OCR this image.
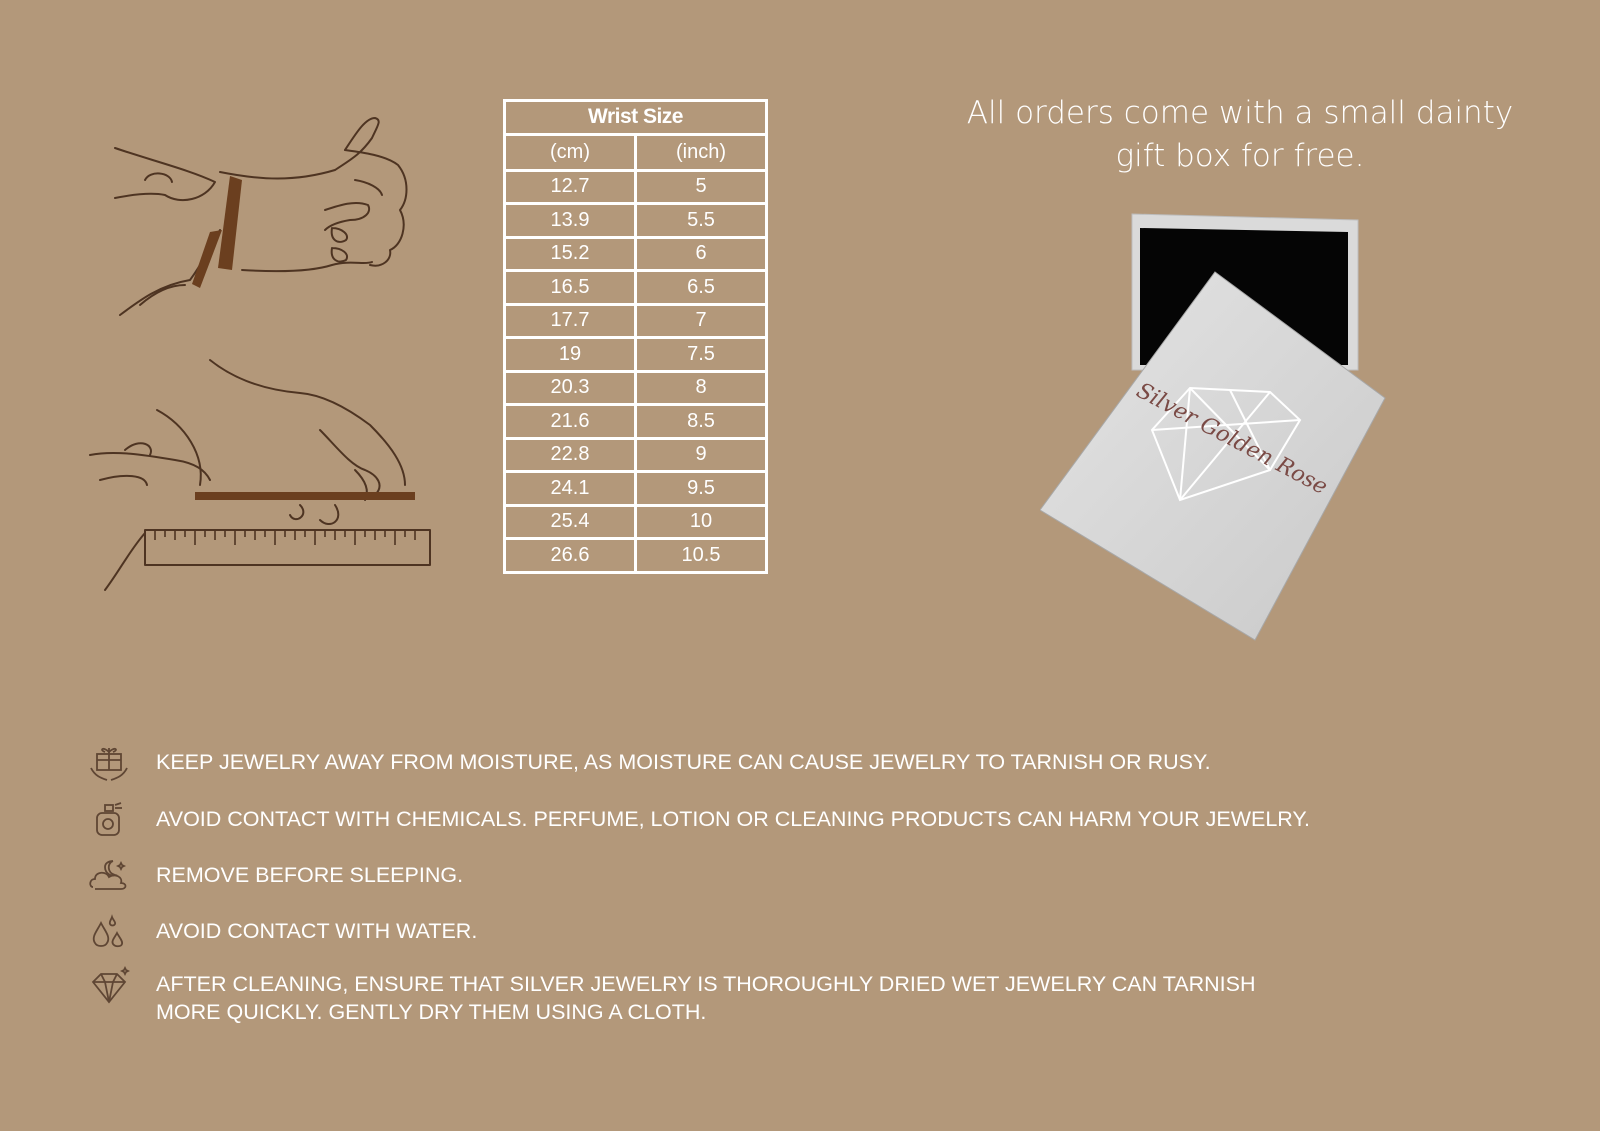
Wrist Size	
(cm)	(inch)
12.7	5
13.9	5.5
15.2	6
16.5	6.5
17.7	7
19	7.5
20.3	8
21.6	8.5
22.8	9
24.1	9.5
25.4	10
26.6	10.5
All orders come with a small dainty
gift box for free.
Silver Golden Rose
KEEP JEWELRY AWAY FROM MOISTURE, AS MOISTURE CAN CAUSE JEWELRY TO TARNISH OR RUSY.
AVOID CONTACT WITH CHEMICALS. PERFUME, LOTION OR CLEANING PRODUCTS CAN HARM YOUR JEWELRY.
REMOVE BEFORE SLEEPING.
AVOID CONTACT WITH WATER.
AFTER CLEANING, ENSURE THAT SILVER JEWELRY IS THOROUGHLY DRIED WET JEWELRY CAN TARNISH
MORE QUICKLY. GENTLY DRY THEM USING A CLOTH.
